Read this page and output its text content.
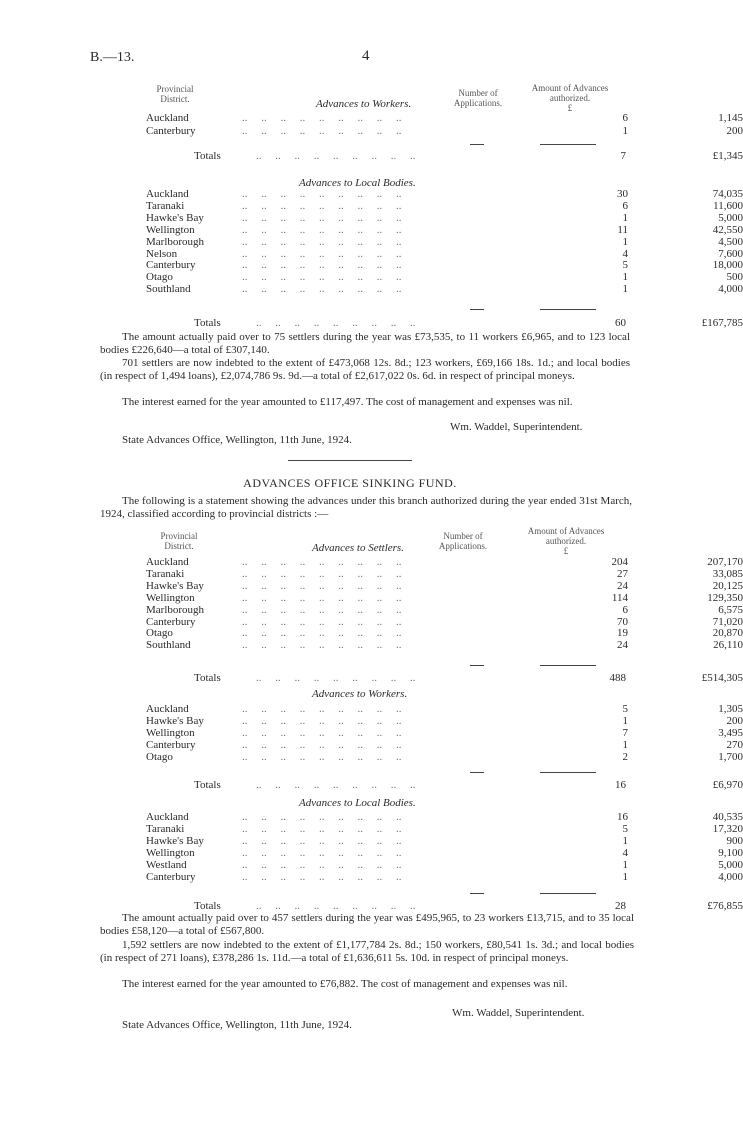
B.—13.	4
Provincial
District.
Number of
Applications.
Amount of Advances
authorized.
£
Advances to Workers.
..     ..     ..     ..     ..     ..     ..     ..     ..
Auckland	6	1,145
..     ..     ..     ..     ..     ..     ..     ..     ..
Canterbury	1	200
..     ..     ..     ..     ..     ..     ..     ..     ..
Totals	7	£1,345
..     ..     ..     ..     ..     ..     ..     ..     ..
Auckland	30	74,035
..     ..     ..     ..     ..     ..     ..     ..     ..
Taranaki	6	11,600
..     ..     ..     ..     ..     ..     ..     ..     ..
Hawke's Bay	1	5,000
..     ..     ..     ..     ..     ..     ..     ..     ..
Wellington	11	42,550
..     ..     ..     ..     ..     ..     ..     ..     ..
Marlborough	1	4,500
..     ..     ..     ..     ..     ..     ..     ..     ..
Nelson	4	7,600
..     ..     ..     ..     ..     ..     ..     ..     ..
Canterbury	5	18,000
..     ..     ..     ..     ..     ..     ..     ..     ..
Otago	1	500
..     ..     ..     ..     ..     ..     ..     ..     ..
Southland	1	4,000
..     ..     ..     ..     ..     ..     ..     ..     ..
Totals	60	£167,785
Advances to Local Bodies.
The amount actually paid over to 75 settlers during the year was £73,535, to 11 workers £6,965, and to 123 local bodies £226,640—a total of £307,140.
701 settlers are now indebted to the extent of £473,068 12s. 8d.; 123 workers, £69,166 18s. 1d.; and local bodies (in respect of 1,494 loans), £2,074,786 9s. 9d.—a total of £2,617,022 0s. 6d. in respect of principal moneys.
The interest earned for the year amounted to £117,497. The cost of management and expenses was nil.
Wm. Waddel, Superintendent.
State Advances Office, Wellington, 11th June, 1924.
ADVANCES OFFICE SINKING FUND.
The following is a statement showing the advances under this branch authorized during the year ended 31st March, 1924, classified according to provincial districts :—
Provincial
District.
Number of
Applications.
Amount of Advances
authorized.
£
Advances to Settlers.
..     ..     ..     ..     ..     ..     ..     ..     ..
Auckland	204	207,170
..     ..     ..     ..     ..     ..     ..     ..     ..
Taranaki	27	33,085
..     ..     ..     ..     ..     ..     ..     ..     ..
Hawke's Bay	24	20,125
..     ..     ..     ..     ..     ..     ..     ..     ..
Wellington	114	129,350
..     ..     ..     ..     ..     ..     ..     ..     ..
Marlborough	6	6,575
..     ..     ..     ..     ..     ..     ..     ..     ..
Canterbury	70	71,020
..     ..     ..     ..     ..     ..     ..     ..     ..
Otago	19	20,870
..     ..     ..     ..     ..     ..     ..     ..     ..
Southland	24	26,110
..     ..     ..     ..     ..     ..     ..     ..     ..
Totals	488	£514,305
Advances to Workers.
..     ..     ..     ..     ..     ..     ..     ..     ..
Auckland	5	1,305
..     ..     ..     ..     ..     ..     ..     ..     ..
Hawke's Bay	1	200
..     ..     ..     ..     ..     ..     ..     ..     ..
Wellington	7	3,495
..     ..     ..     ..     ..     ..     ..     ..     ..
Canterbury	1	270
..     ..     ..     ..     ..     ..     ..     ..     ..
Otago	2	1,700
..     ..     ..     ..     ..     ..     ..     ..     ..
Totals	16	£6,970
Advances to Local Bodies.
..     ..     ..     ..     ..     ..     ..     ..     ..
Auckland	16	40,535
..     ..     ..     ..     ..     ..     ..     ..     ..
Taranaki	5	17,320
..     ..     ..     ..     ..     ..     ..     ..     ..
Hawke's Bay	1	900
..     ..     ..     ..     ..     ..     ..     ..     ..
Wellington	4	9,100
..     ..     ..     ..     ..     ..     ..     ..     ..
Westland	1	5,000
..     ..     ..     ..     ..     ..     ..     ..     ..
Canterbury	1	4,000
..     ..     ..     ..     ..     ..     ..     ..     ..
Totals	28	£76,855
The amount actually paid over to 457 settlers during the year was £495,965, to 23 workers £13,715, and to 35 local bodies £58,120—a total of £567,800.
1,592 settlers are now indebted to the extent of £1,177,784 2s. 8d.; 150 workers, £80,541 1s. 3d.; and local bodies (in respect of 271 loans), £378,286 1s. 11d.—a total of £1,636,611 5s. 10d. in respect of principal moneys.
The interest earned for the year amounted to £76,882. The cost of management and expenses was nil.
Wm. Waddel, Superintendent.
State Advances Office, Wellington, 11th June, 1924.
